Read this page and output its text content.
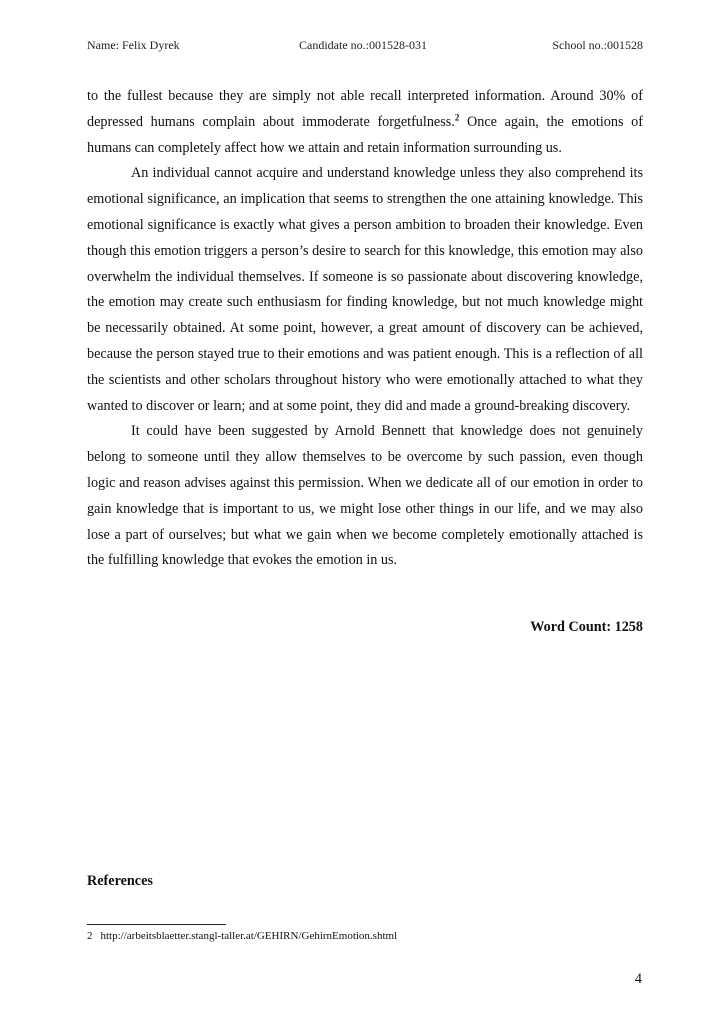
Name: Felix Dyrek	Candidate no.:001528-031	School no.:001528

to the fullest because they are simply not able recall interpreted information. Around 30% of depressed humans complain about immoderate forgetfulness.$^2$ Once again, the emotions of humans can completely affect how we attain and retain information surrounding us.

An individual cannot acquire and understand knowledge unless they also comprehend its emotional significance, an implication that seems to strengthen the one attaining knowledge. This emotional significance is exactly what gives a person ambition to broaden their knowledge. Even though this emotion triggers a person’s desire to search for this knowledge, this emotion may also overwhelm the individual themselves. If someone is so passionate about discovering knowledge, the emotion may create such enthusiasm for finding knowledge, but not much knowledge might be necessarily obtained. At some point, however, a great amount of discovery can be achieved, because the person stayed true to their emotions and was patient enough. This is a reflection of all the scientists and other scholars throughout history who were emotionally attached to what they wanted to discover or learn; and at some point, they did and made a ground-breaking discovery.

It could have been suggested by Arnold Bennett that knowledge does not genuinely belong to someone until they allow themselves to be overcome by such passion, even though logic and reason advises against this permission. When we dedicate all of our emotion in order to gain knowledge that is important to us, we might lose other things in our life, and we may also lose a part of ourselves; but what we gain when we become completely emotionally attached is the fulfilling knowledge that evokes the emotion in us.

Word Count: 1258
References
2 http://arbeitsblaetter.stangl-taller.at/GEHIRN/GehirnEmotion.shtml
4
